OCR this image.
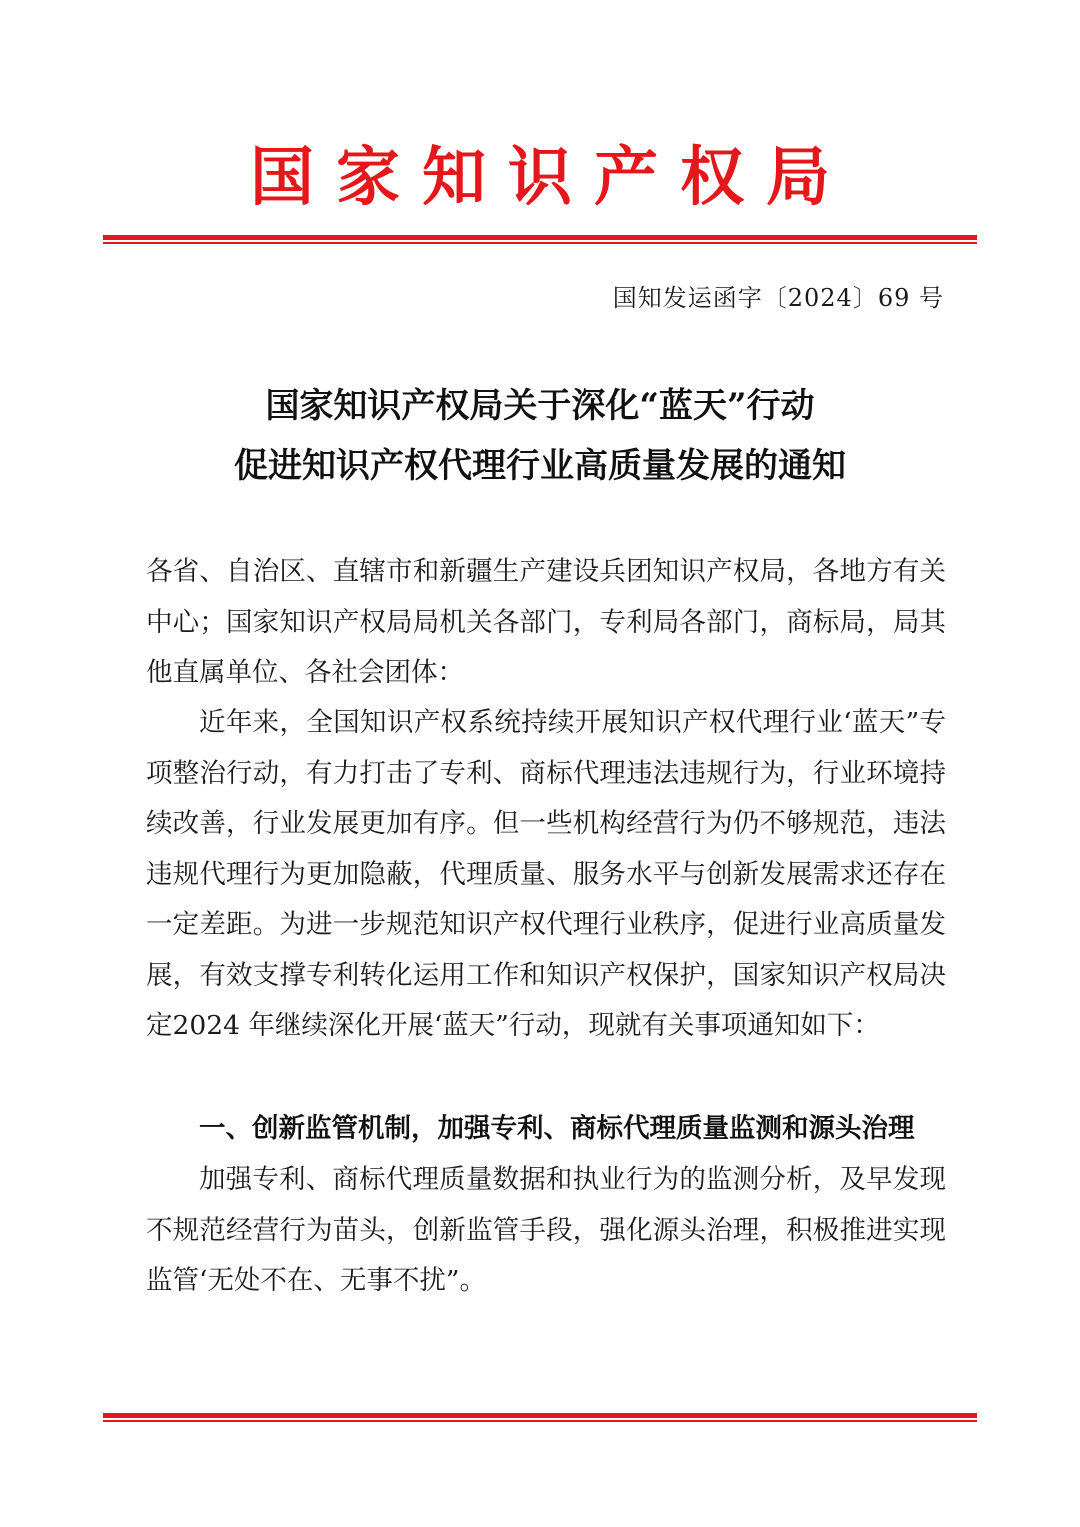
国家知识产权局
国知发运函字〔2024〕69 号
国家知识产权局关于深化“蓝天”行动
促进知识产权代理行业高质量发展的通知
各省、自治区、直辖市和新疆生产建设兵团知识产权局，各地方有关中心；国家知识产权局局机关各部门，专利局各部门，商标局，局其他直属单位、各社会团体：
近年来，全国知识产权系统持续开展知识产权代理行业‘蓝天”专项整治行动，有力打击了专利、商标代理违法违规行为，行业环境持续改善，行业发展更加有序。但一些机构经营行为仍不够规范，违法违规代理行为更加隐蔽，代理质量、服务水平与创新发展需求还存在一定差距。为进一步规范知识产权代理行业秩序，促进行业高质量发展，有效支撑专利转化运用工作和知识产权保护，国家知识产权局决定2024 年继续深化开展‘蓝天”行动，现就有关事项通知如下：
一、创新监管机制，加强专利、商标代理质量监测和源头治理
加强专利、商标代理质量数据和执业行为的监测分析，及早发现不规范经营行为苗头，创新监管手段，强化源头治理，积极推进实现监管‘无处不在、无事不扰”。
